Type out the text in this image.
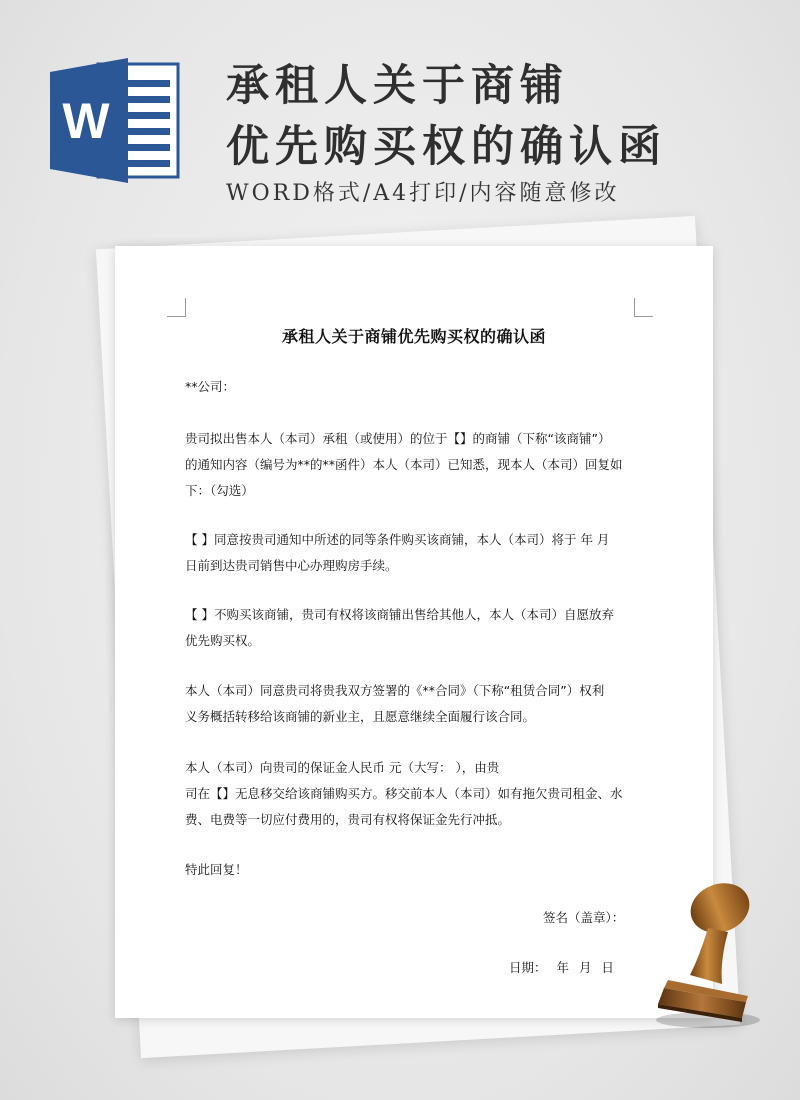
W
承租人关于商铺
优先购买权的确认函
WORD格式/A4打印/内容随意修改
承租人关于商铺优先购买权的确认函

**公司：

贵司拟出售本人（本司）承租（或使用）的位于【】的商铺（下称“该商铺”）
的通知内容（编号为**的**函件）本人（本司）已知悉，现本人（本司）回复如
下：（勾选）

【 】同意按贵司通知中所述的同等条件购买该商铺，本人（本司）将于 年 月
日前到达贵司销售中心办理购房手续。

【 】不购买该商铺，贵司有权将该商铺出售给其他人，本人（本司）自愿放弃
优先购买权。

本人（本司）同意贵司将贵我双方签署的《**合同》（下称“租赁合同”）权利
义务概括转移给该商铺的新业主，且愿意继续全面履行该合同。

本人（本司）向贵司的保证金人民币 元（大写： ），由贵
司在【】无息移交给该商铺购买方。移交前本人（本司）如有拖欠贵司租金、水
费、电费等一切应付费用的，贵司有权将保证金先行冲抵。

特此回复！

签名（盖章）：
日期： 年 月 日
